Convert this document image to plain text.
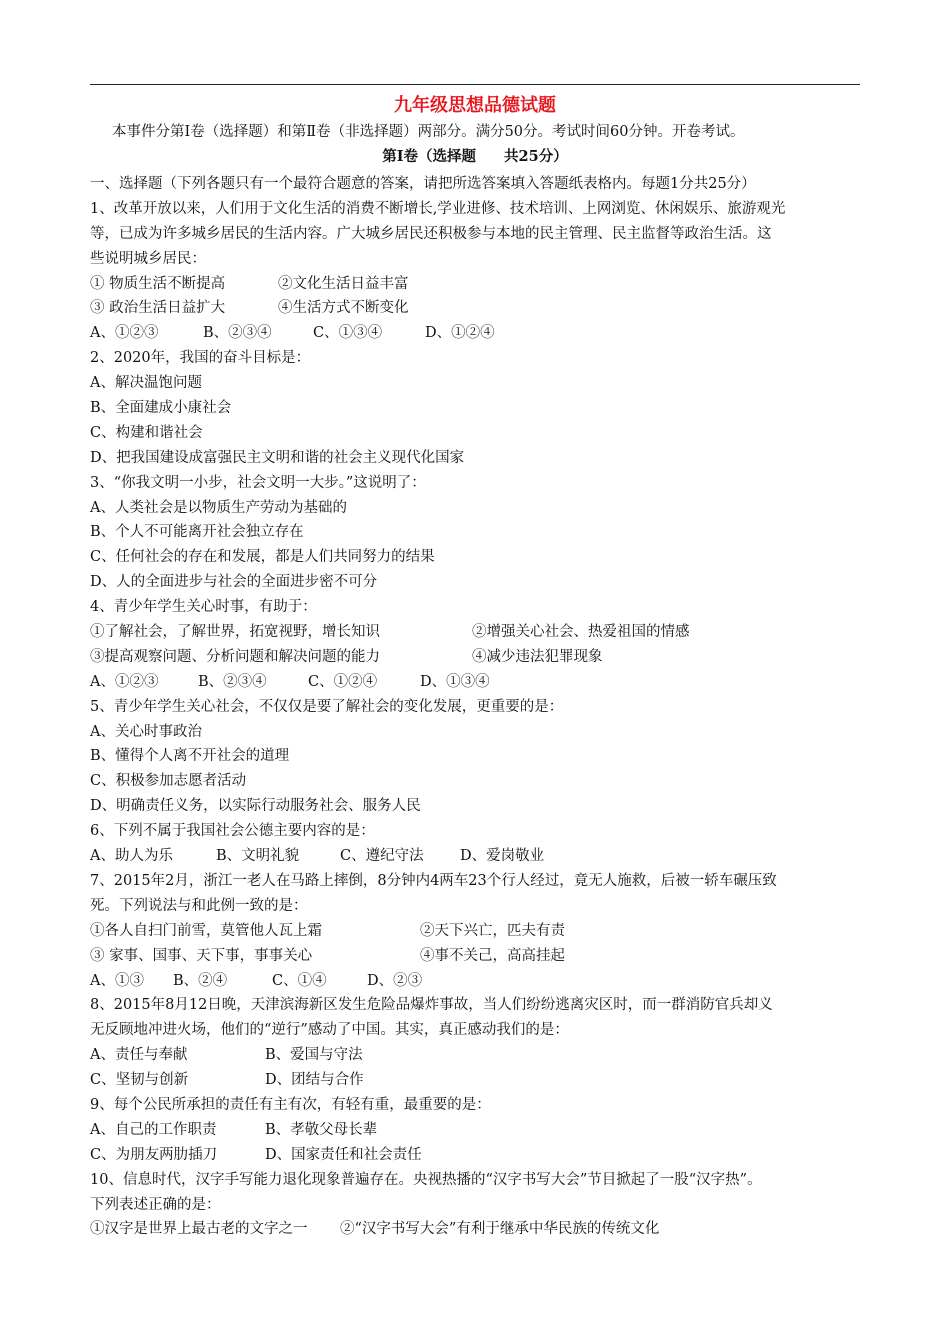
九年级思想品德试题
本事件分第Ⅰ卷（选择题）和第Ⅱ卷（非选择题）两部分。满分50分。考试时间60分钟。开卷考试。
第Ⅰ卷（选择题 共25分）
一、选择题（下列各题只有一个最符合题意的答案，请把所选答案填入答题纸表格内。每题1分共25分）
1、改革开放以来，人们用于文化生活的消费不断增长,学业进修、技术培训、上网浏览、休闲娱乐、旅游观光
等，已成为许多城乡居民的生活内容。广大城乡居民还积极参与本地的民主管理、民主监督等政治生活。这
些说明城乡居民：
① 物质生活不断提高	②文化生活日益丰富
③ 政治生活日益扩大	④生活方式不断变化
A、①②③	B、②③④	C、①③④	D、①②④
2、2020年，我国的奋斗目标是：
A、解决温饱问题
B、全面建成小康社会
C、构建和谐社会
D、把我国建设成富强民主文明和谐的社会主义现代化国家
3、“你我文明一小步，社会文明一大步。”这说明了：
A、人类社会是以物质生产劳动为基础的
B、个人不可能离开社会独立存在
C、任何社会的存在和发展，都是人们共同努力的结果
D、人的全面进步与社会的全面进步密不可分
4、青少年学生关心时事，有助于：
①了解社会，了解世界，拓宽视野，增长知识	②增强关心社会、热爱祖国的情感
③提高观察问题、分析问题和解决问题的能力	④减少违法犯罪现象
A、①②③	B、②③④	C、①②④	D、①③④
5、青少年学生关心社会，不仅仅是要了解社会的变化发展，更重要的是：
A、关心时事政治
B、懂得个人离不开社会的道理
C、积极参加志愿者活动
D、明确责任义务，以实际行动服务社会、服务人民
6、下列不属于我国社会公德主要内容的是：
A、助人为乐	B、文明礼貌	C、遵纪守法	D、爱岗敬业
7、2015年2月，浙江一老人在马路上摔倒，8分钟内4两车23个行人经过，竟无人施救，后被一轿车碾压致
死。下列说法与和此例一致的是：
①各人自扫门前雪，莫管他人瓦上霜	②天下兴亡，匹夫有责
③ 家事、国事、天下事，事事关心	④事不关己，高高挂起
A、①③ B、②④	C、①④	D、②③
8、2015年8月12日晚，天津滨海新区发生危险品爆炸事故，当人们纷纷逃离灾区时，而一群消防官兵却义
无反顾地冲进火场，他们的“逆行”感动了中国。其实，真正感动我们的是：
A、责任与奉献	B、爱国与守法
C、坚韧与创新	D、团结与合作
9、每个公民所承担的责任有主有次，有轻有重，最重要的是：
A、自己的工作职责	B、孝敬父母长辈
C、为朋友两肋插刀	D、国家责任和社会责任
10、信息时代，汉字手写能力退化现象普遍存在。央视热播的“汉字书写大会”节目掀起了一股“汉字热”。
下列表述正确的是：
①汉字是世界上最古老的文字之一 ②“汉字书写大会”有利于继承中华民族的传统文化
